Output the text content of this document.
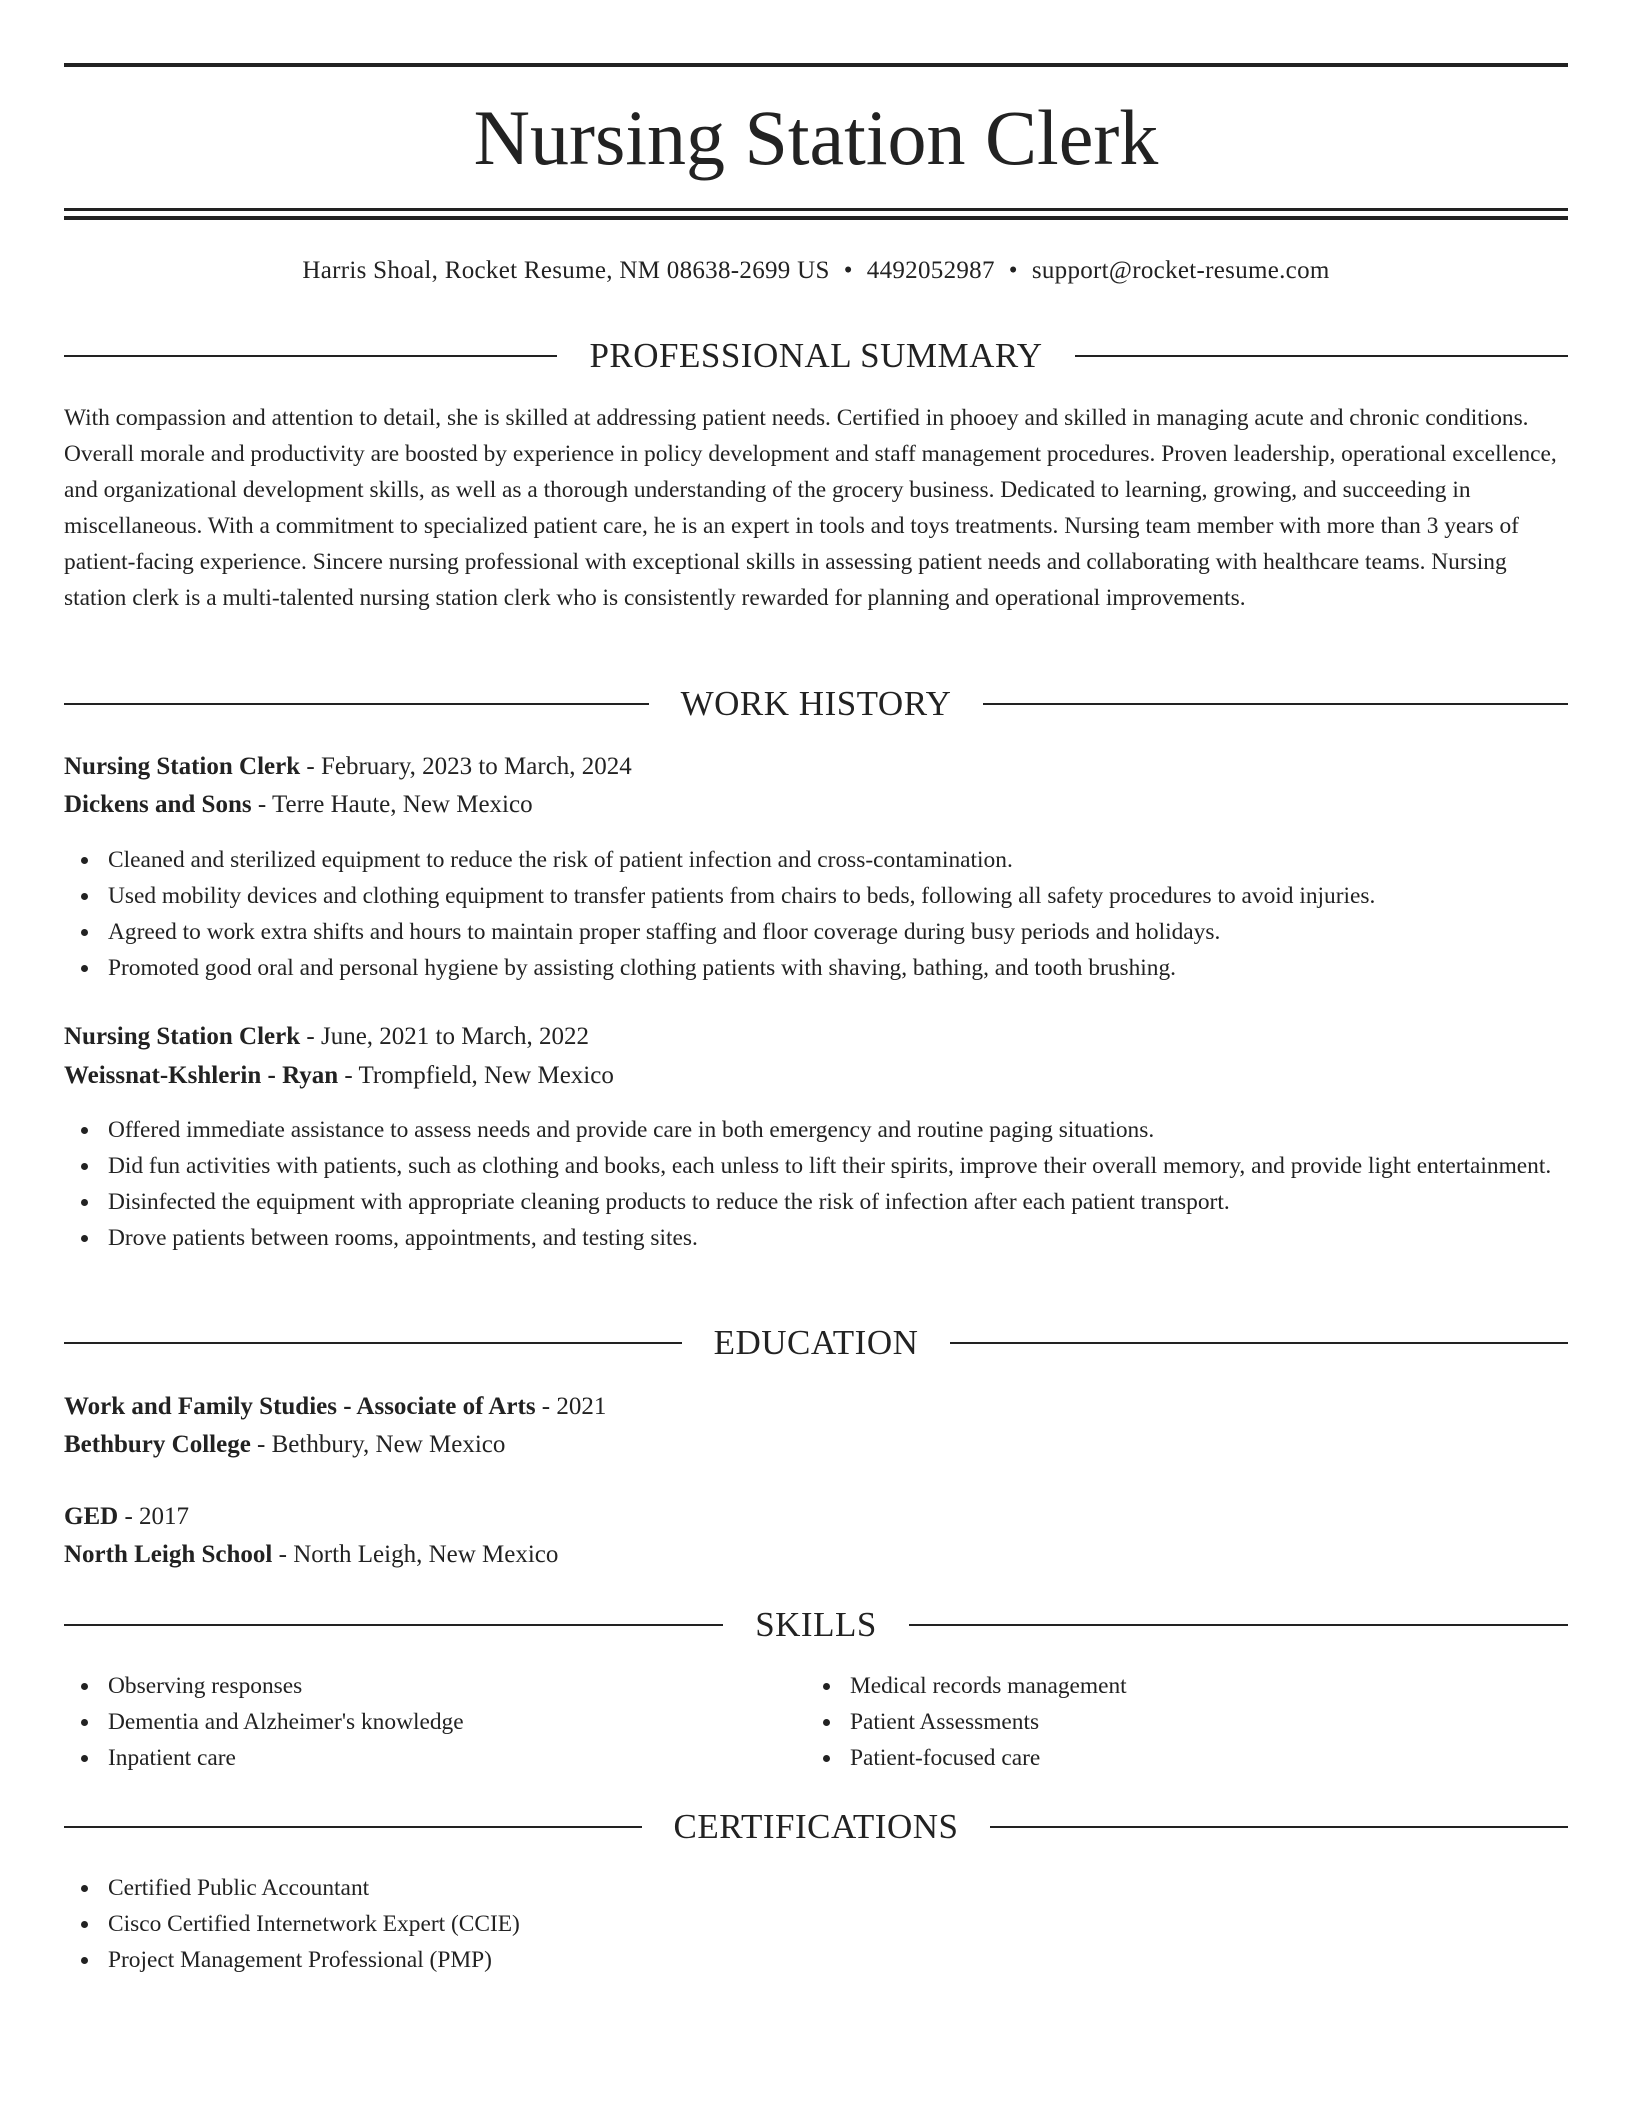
Nursing Station Clerk
Harris Shoal, Rocket Resume, NM 08638-2699 US • 4492052987 • support@rocket-resume.com
PROFESSIONAL SUMMARY
With compassion and attention to detail, she is skilled at addressing patient needs. Certified in phooey and skilled in managing acute and chronic conditions. Overall morale and productivity are boosted by experience in policy development and staff management procedures. Proven leadership, operational excellence, and organizational development skills, as well as a thorough understanding of the grocery business. Dedicated to learning, growing, and succeeding in miscellaneous. With a commitment to specialized patient care, he is an expert in tools and toys treatments. Nursing team member with more than 3 years of patient-facing experience. Sincere nursing professional with exceptional skills in assessing patient needs and collaborating with healthcare teams. Nursing station clerk is a multi-talented nursing station clerk who is consistently rewarded for planning and operational improvements.
WORK HISTORY
Nursing Station Clerk - February, 2023 to March, 2024
Dickens and Sons - Terre Haute, New Mexico
Cleaned and sterilized equipment to reduce the risk of patient infection and cross-contamination.
Used mobility devices and clothing equipment to transfer patients from chairs to beds, following all safety procedures to avoid injuries.
Agreed to work extra shifts and hours to maintain proper staffing and floor coverage during busy periods and holidays.
Promoted good oral and personal hygiene by assisting clothing patients with shaving, bathing, and tooth brushing.
Nursing Station Clerk - June, 2021 to March, 2022
Weissnat-Kshlerin - Ryan - Trompfield, New Mexico
Offered immediate assistance to assess needs and provide care in both emergency and routine paging situations.
Did fun activities with patients, such as clothing and books, each unless to lift their spirits, improve their overall memory, and provide light entertainment.
Disinfected the equipment with appropriate cleaning products to reduce the risk of infection after each patient transport.
Drove patients between rooms, appointments, and testing sites.
EDUCATION
Work and Family Studies - Associate of Arts - 2021
Bethbury College - Bethbury, New Mexico
GED - 2017
North Leigh School - North Leigh, New Mexico
SKILLS
Observing responses
Dementia and Alzheimer's knowledge
Inpatient care
Medical records management
Patient Assessments
Patient-focused care
CERTIFICATIONS
Certified Public Accountant
Cisco Certified Internetwork Expert (CCIE)
Project Management Professional (PMP)
